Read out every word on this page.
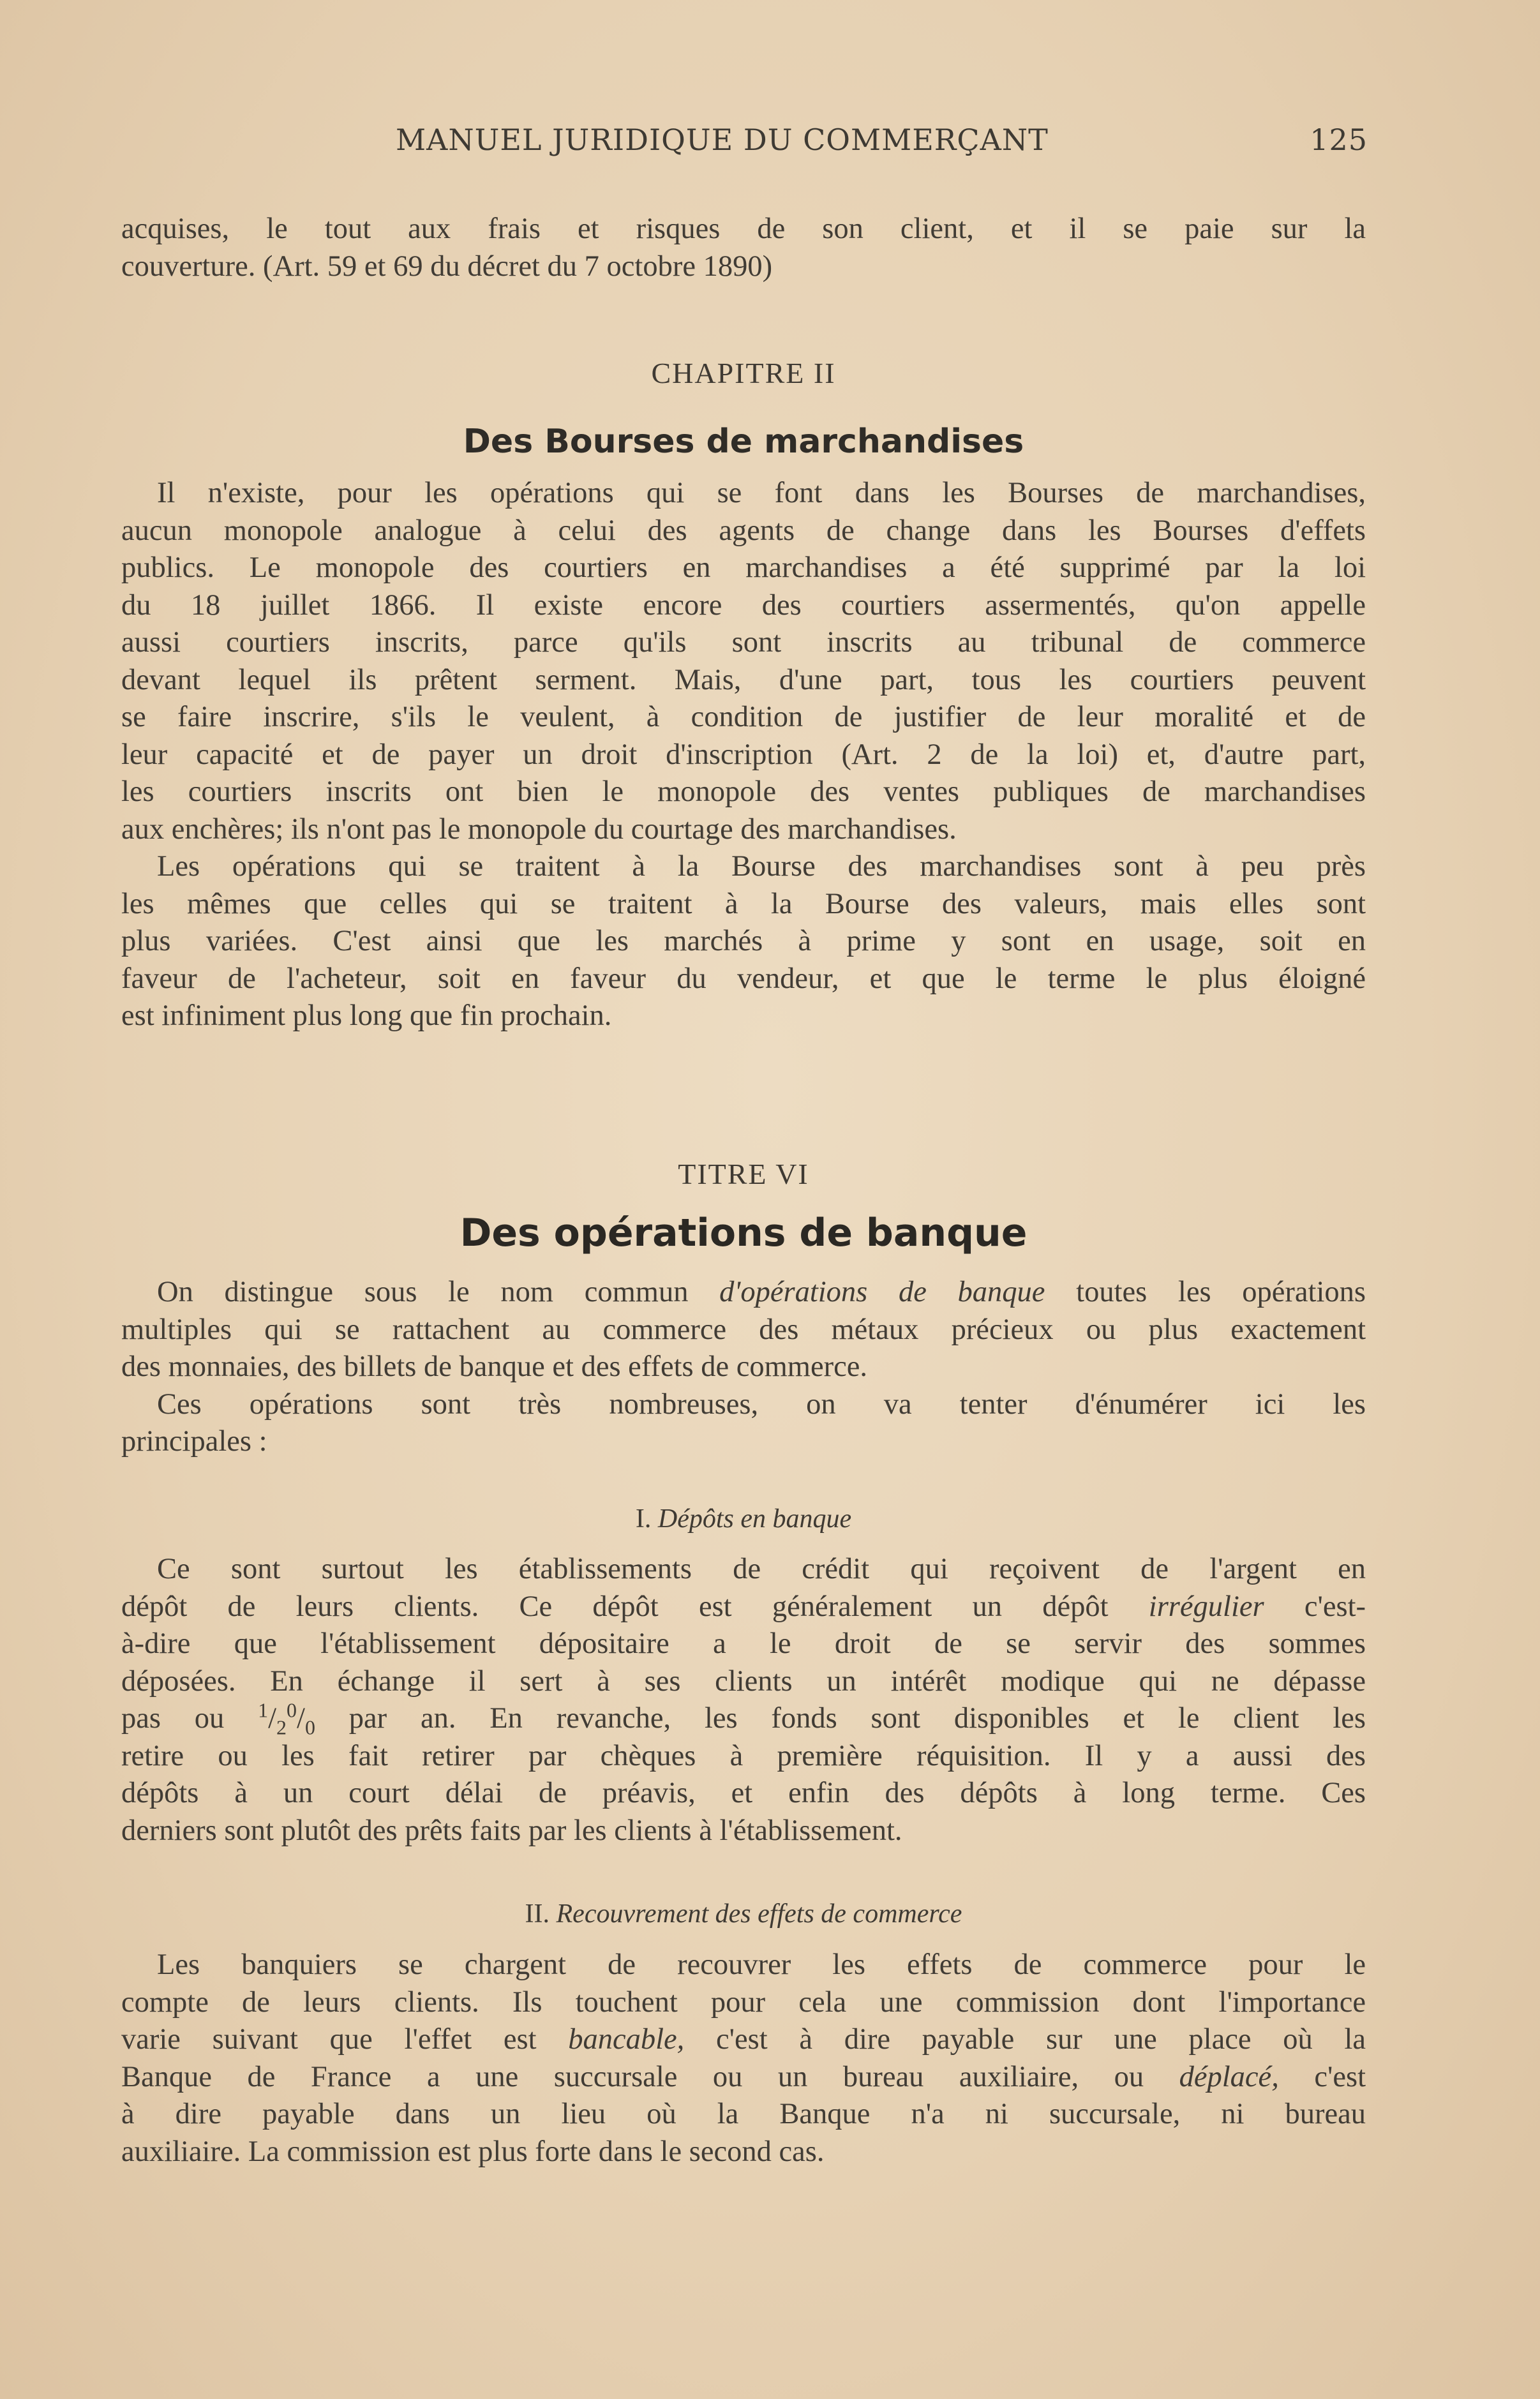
MANUEL JURIDIQUE DU COMMERÇANT	125
acquises, le tout aux frais et risques de son client, et il se paie sur la
couverture. (Art. 59 et 69 du décret du 7 octobre 1890)
CHAPITRE II
Des Bourses de marchandises
Il n'existe, pour les opérations qui se font dans les Bourses de marchandises,
aucun monopole analogue à celui des agents de change dans les Bourses d'effets
publics. Le monopole des courtiers en marchandises a été supprimé par la loi
du 18 juillet 1866. Il existe encore des courtiers assermentés, qu'on appelle
aussi courtiers inscrits, parce qu'ils sont inscrits au tribunal de commerce
devant lequel ils prêtent serment. Mais, d'une part, tous les courtiers peuvent
se faire inscrire, s'ils le veulent, à condition de justifier de leur moralité et de
leur capacité et de payer un droit d'inscription (Art. 2 de la loi) et, d'autre part,
les courtiers inscrits ont bien le monopole des ventes publiques de marchandises
aux enchères; ils n'ont pas le monopole du courtage des marchandises.
Les opérations qui se traitent à la Bourse des marchandises sont à peu près
les mêmes que celles qui se traitent à la Bourse des valeurs, mais elles sont
plus variées. C'est ainsi que les marchés à prime y sont en usage, soit en
faveur de l'acheteur, soit en faveur du vendeur, et que le terme le plus éloigné
est infiniment plus long que fin prochain.
TITRE VI
Des opérations de banque
On distingue sous le nom commun d'opérations de banque toutes les opérations
multiples qui se rattachent au commerce des métaux précieux ou plus exactement
des monnaies, des billets de banque et des effets de commerce.
Ces opérations sont très nombreuses, on va tenter d'énumérer ici les
principales :
I. Dépôts en banque
Ce sont surtout les établissements de crédit qui reçoivent de l'argent en
dépôt de leurs clients. Ce dépôt est généralement un dépôt irrégulier c'est-
à-dire que l'établissement dépositaire a le droit de se servir des sommes
déposées. En échange il sert à ses clients un intérêt modique qui ne dépasse
pas ou $^1/_2^0/_0$ par an. En revanche, les fonds sont disponibles et le client les
retire ou les fait retirer par chèques à première réquisition. Il y a aussi des
dépôts à un court délai de préavis, et enfin des dépôts à long terme. Ces
derniers sont plutôt des prêts faits par les clients à l'établissement.
II. Recouvrement des effets de commerce
Les banquiers se chargent de recouvrer les effets de commerce pour le
compte de leurs clients. Ils touchent pour cela une commission dont l'importance
varie suivant que l'effet est bancable, c'est à dire payable sur une place où la
Banque de France a une succursale ou un bureau auxiliaire, ou déplacé, c'est
à dire payable dans un lieu où la Banque n'a ni succursale, ni bureau
auxiliaire. La commission est plus forte dans le second cas.
